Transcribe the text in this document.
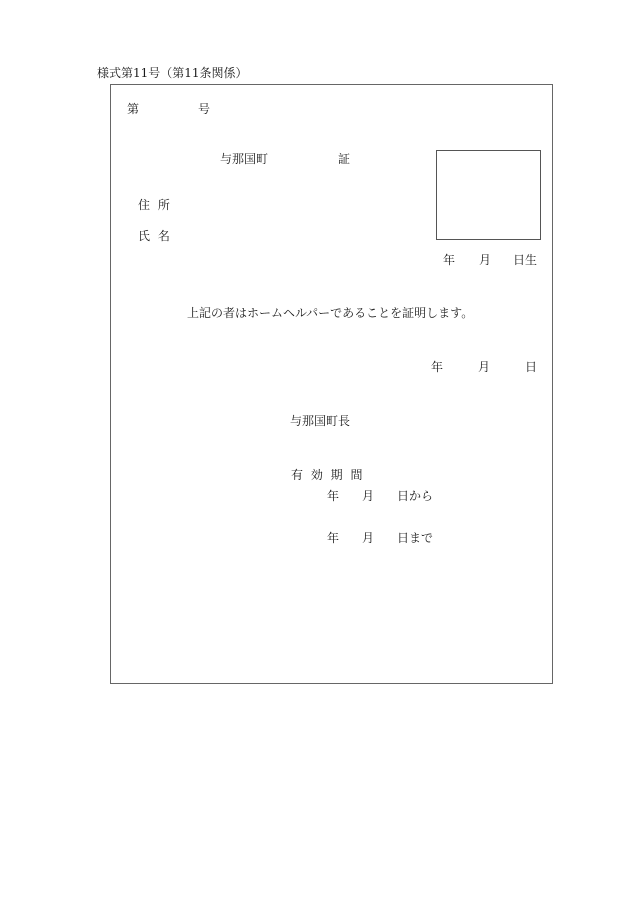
様式第11号（第11条関係）
第	号
与那国町	証
住 所
氏 名
年 月 日生
上記の者はホームヘルパーであることを証明します。
年	月	日
与那国町長
有 効 期 間
年 月 日から
年 月 日まで
